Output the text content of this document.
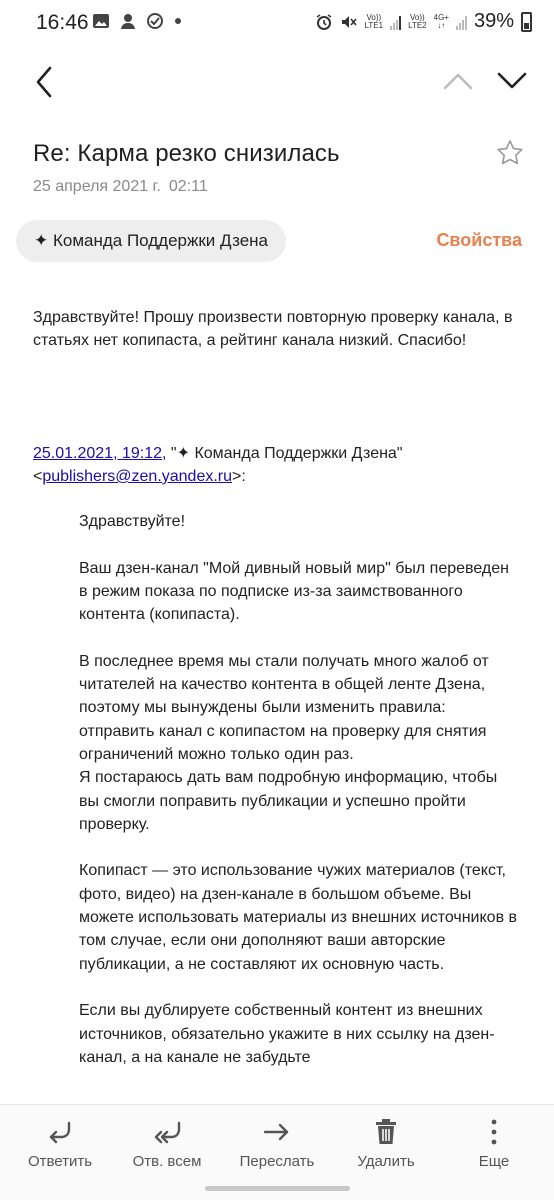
16:46	Vo))
LTE1
Vo))
LTE2
4G+
↓↑ 39%
Re: Карма резко снизилась
25 апреля 2021 г. 02:11
✦ Команда Поддержки Дзена	Свойства
Здравствуйте! Прошу произвести повторную проверку канала, в статьях нет копипаста, а рейтинг канала низкий. Спасибо!
25.01.2021, 19:12, "✦ Команда Поддержки Дзена"
<publishers@zen.yandex.ru>:

Здравствуйте!

Ваш дзен-канал "Мой дивный новый мир" был переведен в режим показа по подписке из-за заимствованного контента (копипаста).

В последнее время мы стали получать много жалоб от читателей на качество контента в общей ленте Дзена, поэтому мы вынуждены были изменить правила: отправить канал с копипастом на проверку для снятия ограничений можно только один раз.
Я постараюсь дать вам подробную информацию, чтобы вы смогли поправить публикации и успешно пройти проверку.

Копипаст — это использование чужих материалов (текст, фото, видео) на дзен-канале в большом объеме. Вы можете использовать материалы из внешних источников в том случае, если они дополняют ваши авторские публикации, а не составляют их основную часть.

Если вы дублируете собственный контент из внешних источников, обязательно укажите в них ссылку на дзен-канал, а на канале не забудьте

Ответить	Отв. всем	Переслать	Удалить	Еще
